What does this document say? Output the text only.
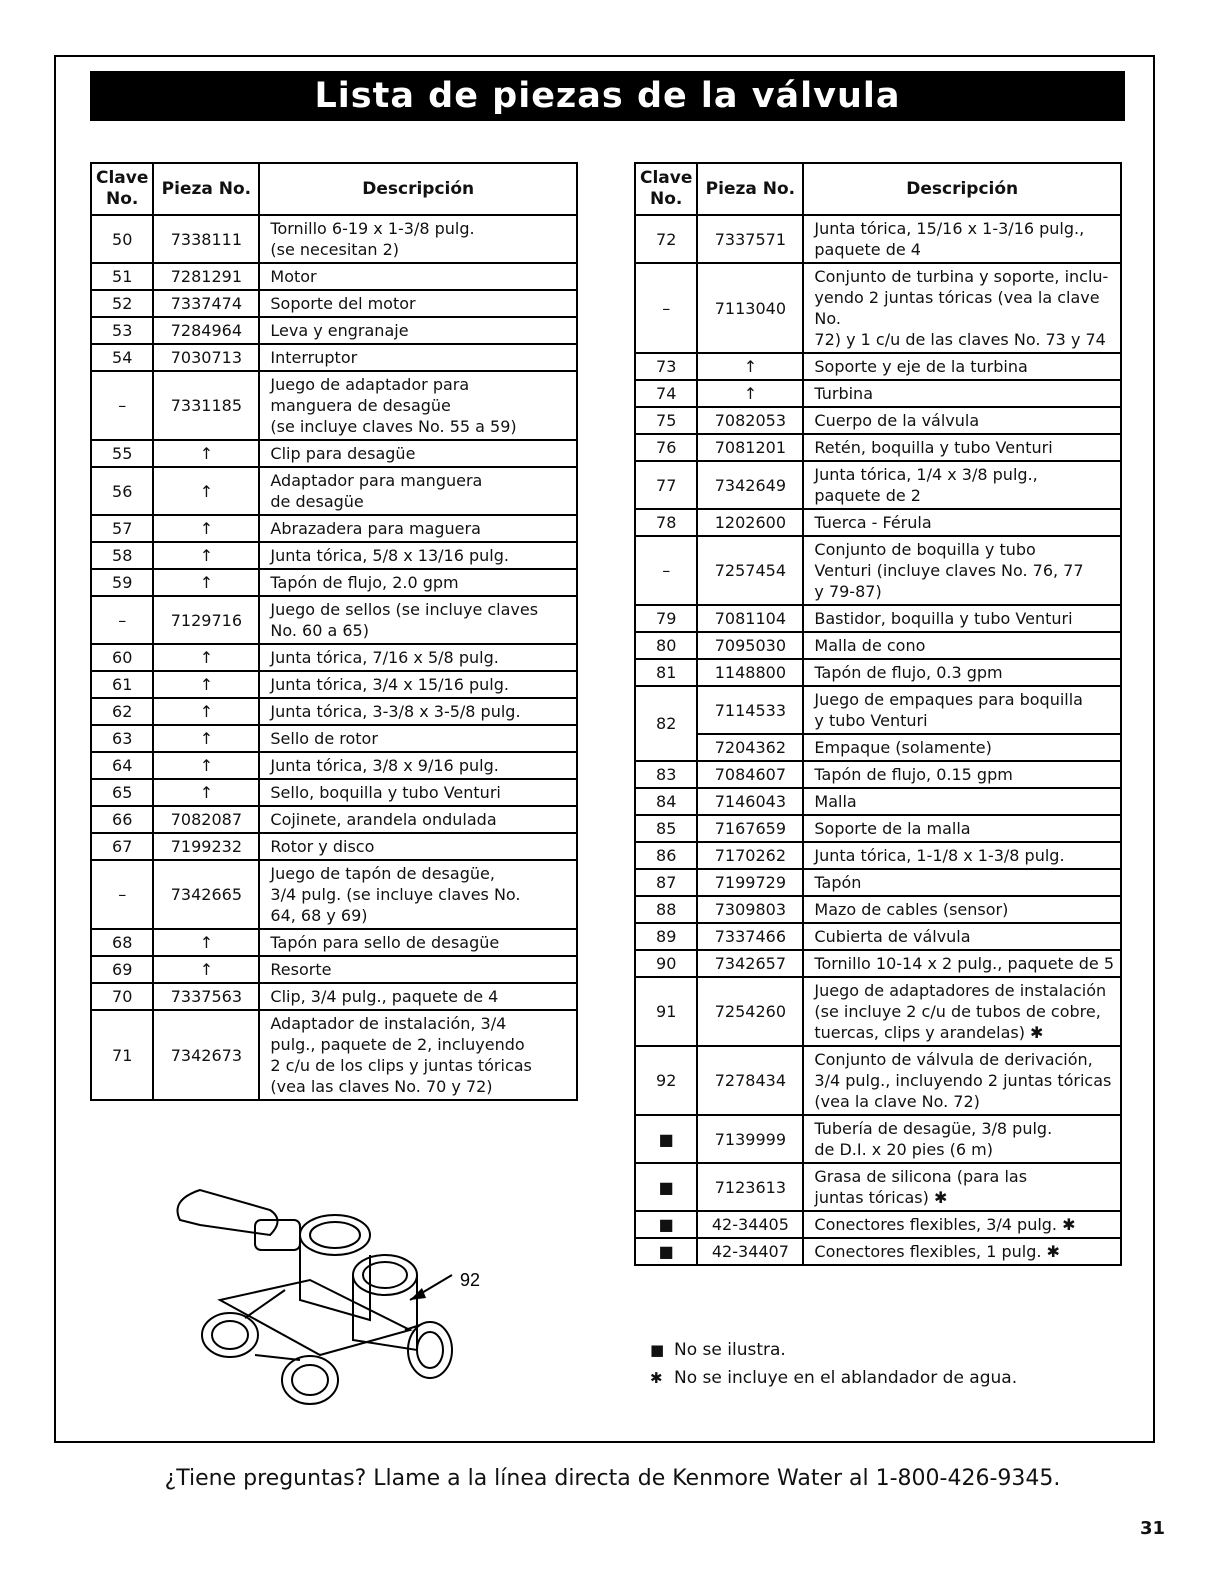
Lista de piezas de la válvula
Clave
No.	Pieza No.	Descripción
50	7338111	Tornillo 6-19 x 1-3/8 pulg.
(se necesitan 2)
51	7281291	Motor
52	7337474	Soporte del motor
53	7284964	Leva y engranaje
54	7030713	Interruptor
–	7331185	Juego de adaptador para
manguera de desagüe
(se incluye claves No. 55 a 59)
55	↑	Clip para desagüe
56	↑	Adaptador para manguera
de desagüe
57	↑	Abrazadera para maguera
58	↑	Junta tórica, 5/8 x 13/16 pulg.
59	↑	Tapón de flujo, 2.0 gpm
–	7129716	Juego de sellos (se incluye claves
No. 60 a 65)
60	↑	Junta tórica, 7/16 x 5/8 pulg.
61	↑	Junta tórica, 3/4 x 15/16 pulg.
62	↑	Junta tórica, 3-3/8 x 3-5/8 pulg.
63	↑	Sello de rotor
64	↑	Junta tórica, 3/8 x 9/16 pulg.
65	↑	Sello, boquilla y tubo Venturi
66	7082087	Cojinete, arandela ondulada
67	7199232	Rotor y disco
–	7342665	Juego de tapón de desagüe,
3/4 pulg. (se incluye claves No.
64, 68 y 69)
68	↑	Tapón para sello de desagüe
69	↑	Resorte
70	7337563	Clip, 3/4 pulg., paquete de 4
71	7342673	Adaptador de instalación, 3/4
pulg., paquete de 2, incluyendo
2 c/u de los clips y juntas tóricas
(vea las claves No. 70 y 72)
Clave
No.	Pieza No.	Descripción
72	7337571	Junta tórica, 15/16 x 1-3/16 pulg.,
paquete de 4
–	7113040	Conjunto de turbina y soporte, inclu-
yendo 2 juntas tóricas (vea la clave No.
72) y 1 c/u de las claves No. 73 y 74
73	↑	Soporte y eje de la turbina
74	↑	Turbina
75	7082053	Cuerpo de la válvula
76	7081201	Retén, boquilla y tubo Venturi
77	7342649	Junta tórica, 1/4 x 3/8 pulg.,
paquete de 2
78	1202600	Tuerca - Férula
–	7257454	Conjunto de boquilla y tubo
Venturi (incluye claves No. 76, 77
y 79-87)
79	7081104	Bastidor, boquilla y tubo Venturi
80	7095030	Malla de cono
81	1148800	Tapón de flujo, 0.3 gpm
82	7114533	Juego de empaques para boquilla
y tubo Venturi
	7204362	Empaque (solamente)
83	7084607	Tapón de flujo, 0.15 gpm
84	7146043	Malla
85	7167659	Soporte de la malla
86	7170262	Junta tórica, 1-1/8 x 1-3/8 pulg.
87	7199729	Tapón
88	7309803	Mazo de cables (sensor)
89	7337466	Cubierta de válvula
90	7342657	Tornillo 10-14 x 2 pulg., paquete de 5
91	7254260	Juego de adaptadores de instalación
(se incluye 2 c/u de tubos de cobre,
tuercas, clips y arandelas) ✱
92	7278434	Conjunto de válvula de derivación,
3/4 pulg., incluyendo 2 juntas tóricas
(vea la clave No. 72)
■	7139999	Tubería de desagüe, 3/8 pulg.
de D.I. x 20 pies (6 m)
■	7123613	Grasa de silicona (para las
juntas tóricas) ✱
■	42-34405	Conectores flexibles, 3/4 pulg. ✱
■	42-34407	Conectores flexibles, 1 pulg. ✱
92
■ No se ilustra.
✱ No se incluye en el ablandador de agua.
¿Tiene preguntas? Llame a la línea directa de Kenmore Water al 1-800-426-9345.
31
